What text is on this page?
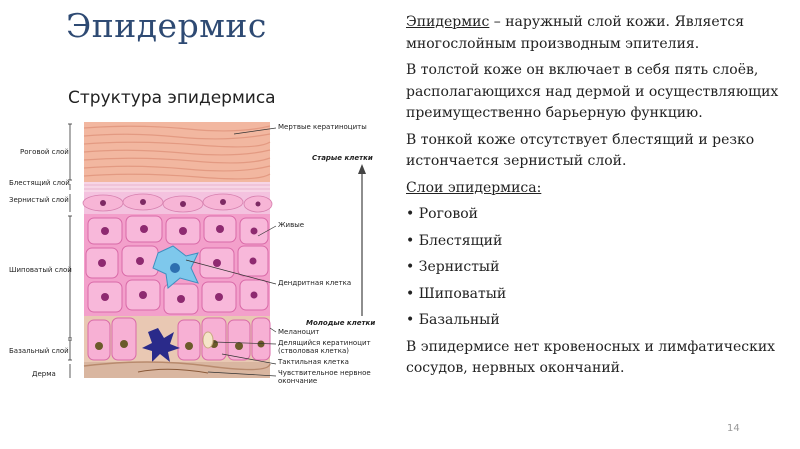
Эпидермис
Структура эпидермиса
Роговой слой
Блестящий слой
Зернистый слой
Шиповатый слой
Базальный слой
Дерма
Мертвые кератиноциты
Старые клетки
Живые
Дендритная клетка
Молодые клетки
Меланоцит
Делящийся кератиноцит
(стволовая клетка)
Тактильная клетка
Чувствительное нервное
окончание

Эпидермис – наружный слой кожи. Является многослойным производным эпителия.

В толстой коже он включает в себя пять слоёв, располагающихся над дермой и осуществляющих преимущественно барьерную функцию.

В тонкой коже отсутствует блестящий и резко истончается зернистый слой.

Слои эпидермиса:

• Роговой
• Блестящий
• Зернистый
• Шиповатый
• Базальный

В эпидермисе нет кровеносных и лимфатических сосудов, нервных окончаний.

14
